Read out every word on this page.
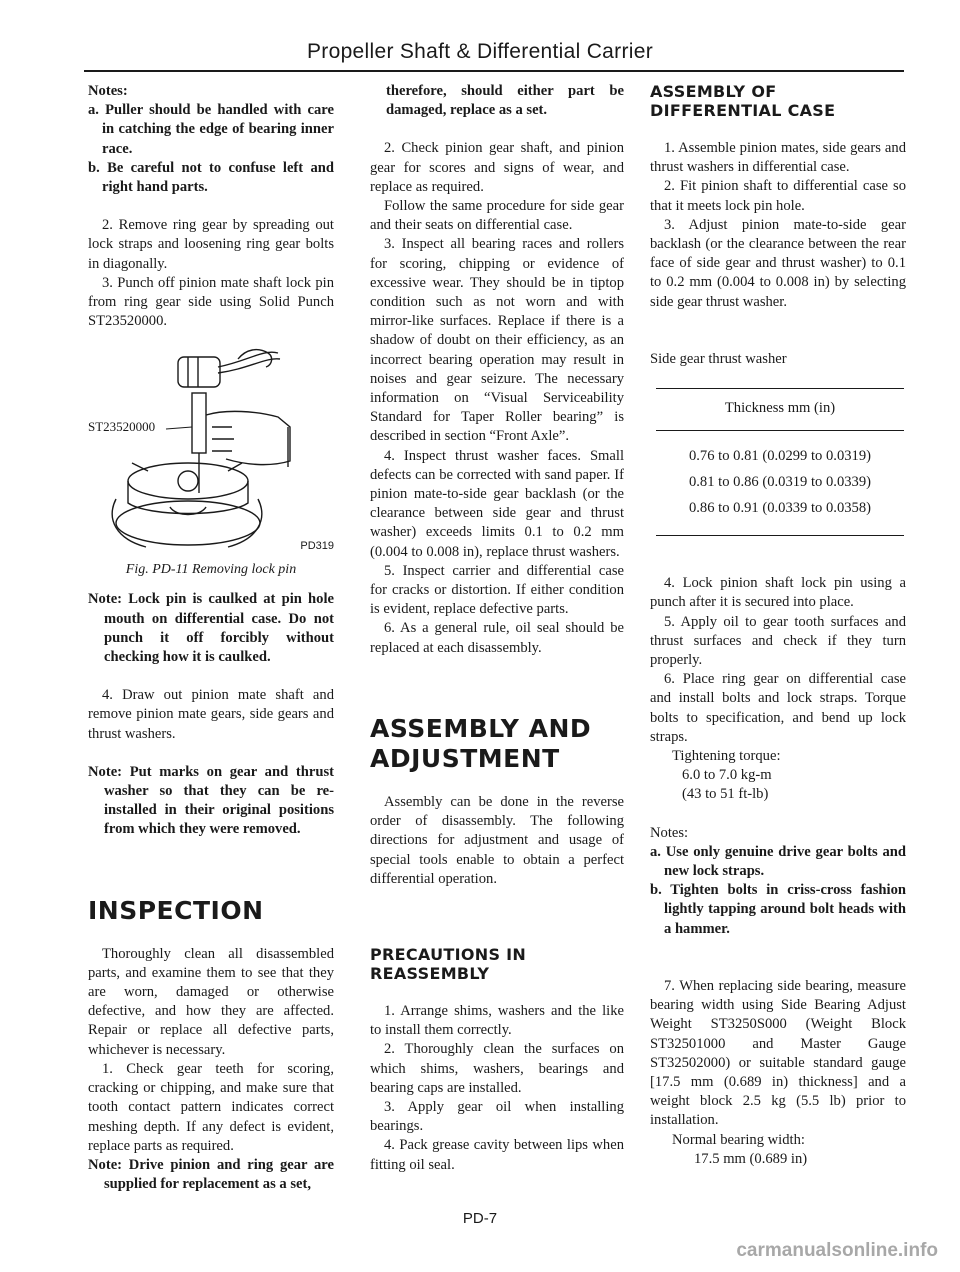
Propeller Shaft & Differential Carrier

Notes:

a. Puller should be handled with care in catching the edge of bearing inner race.

b. Be careful not to confuse left and right hand parts.

2. Remove ring gear by spreading out lock straps and loosening ring gear bolts in diagonally.

3. Punch off pinion mate shaft lock pin from ring gear side using Solid Punch ST23520000.

ST23520000
PD319
Fig. PD-11 Removing lock pin

Note: Lock pin is caulked at pin hole mouth on differential case. Do not punch it off forcibly without checking how it is caulked.

4. Draw out pinion mate shaft and remove pinion mate gears, side gears and thrust washers.

Note: Put marks on gear and thrust washer so that they can be re-installed in their original positions from which they were removed.

INSPECTION

Thoroughly clean all disassembled parts, and examine them to see that they are worn, damaged or otherwise defective, and how they are affected. Repair or replace all defective parts, whichever is necessary.

1. Check gear teeth for scoring, cracking or chipping, and make sure that tooth contact pattern indicates correct meshing depth. If any defect is evident, replace parts as required.

Note: Drive pinion and ring gear are supplied for replacement as a set,

therefore, should either part be damaged, replace as a set.

2. Check pinion gear shaft, and pinion gear for scores and signs of wear, and replace as required.

Follow the same procedure for side gear and their seats on differential case.

3. Inspect all bearing races and rollers for scoring, chipping or evidence of excessive wear. They should be in tiptop condition such as not worn and with mirror-like surfaces. Replace if there is a shadow of doubt on their efficiency, as an incorrect bearing operation may result in noises and gear seizure. The necessary information on “Visual Serviceability Standard for Taper Roller bearing” is described in section “Front Axle”.

4. Inspect thrust washer faces. Small defects can be corrected with sand paper. If pinion mate-to-side gear backlash (or the clearance between side gear and thrust washer) exceeds limits 0.1 to 0.2 mm (0.004 to 0.008 in), replace thrust washers.

5. Inspect carrier and differential case for cracks or distortion. If either condition is evident, replace defective parts.

6. As a general rule, oil seal should be replaced at each disassembly.

ASSEMBLY AND
ADJUSTMENT

Assembly can be done in the reverse order of disassembly. The following directions for adjustment and usage of special tools enable to obtain a perfect differential operation.

PRECAUTIONS IN
REASSEMBLY

1. Arrange shims, washers and the like to install them correctly.

2. Thoroughly clean the surfaces on which shims, washers, bearings and bearing caps are installed.

3. Apply gear oil when installing bearings.

4. Pack grease cavity between lips when fitting oil seal.

ASSEMBLY OF
DIFFERENTIAL CASE

1. Assemble pinion mates, side gears and thrust washers in differential case.

2. Fit pinion shaft to differential case so that it meets lock pin hole.

3. Adjust pinion mate-to-side gear backlash (or the clearance between the rear face of side gear and thrust washer) to 0.1 to 0.2 mm (0.004 to 0.008 in) by selecting side gear thrust washer.

Side gear thrust washer

Thickness mm (in)
0.76 to 0.81 (0.0299 to 0.0319)
0.81 to 0.86 (0.0319 to 0.0339)
0.86 to 0.91 (0.0339 to 0.0358)

4. Lock pinion shaft lock pin using a punch after it is secured into place.

5. Apply oil to gear tooth surfaces and thrust surfaces and check if they turn properly.

6. Place ring gear on differential case and install bolts and lock straps. Torque bolts to specification, and bend up lock straps.

Tightening torque:

6.0 to 7.0 kg-m

(43 to 51 ft-lb)

Notes:

a. Use only genuine drive gear bolts and new lock straps.

b. Tighten bolts in criss-cross fashion lightly tapping around bolt heads with a hammer.

7. When replacing side bearing, measure bearing width using Side Bearing Adjust Weight ST3250S000 (Weight Block ST32501000 and Master Gauge ST32502000) or suitable standard gauge [17.5 mm (0.689 in) thickness] and a weight block 2.5 kg (5.5 lb) prior to installation.

Normal bearing width:

17.5 mm (0.689 in)

PD-7
carmanualsonline.info
